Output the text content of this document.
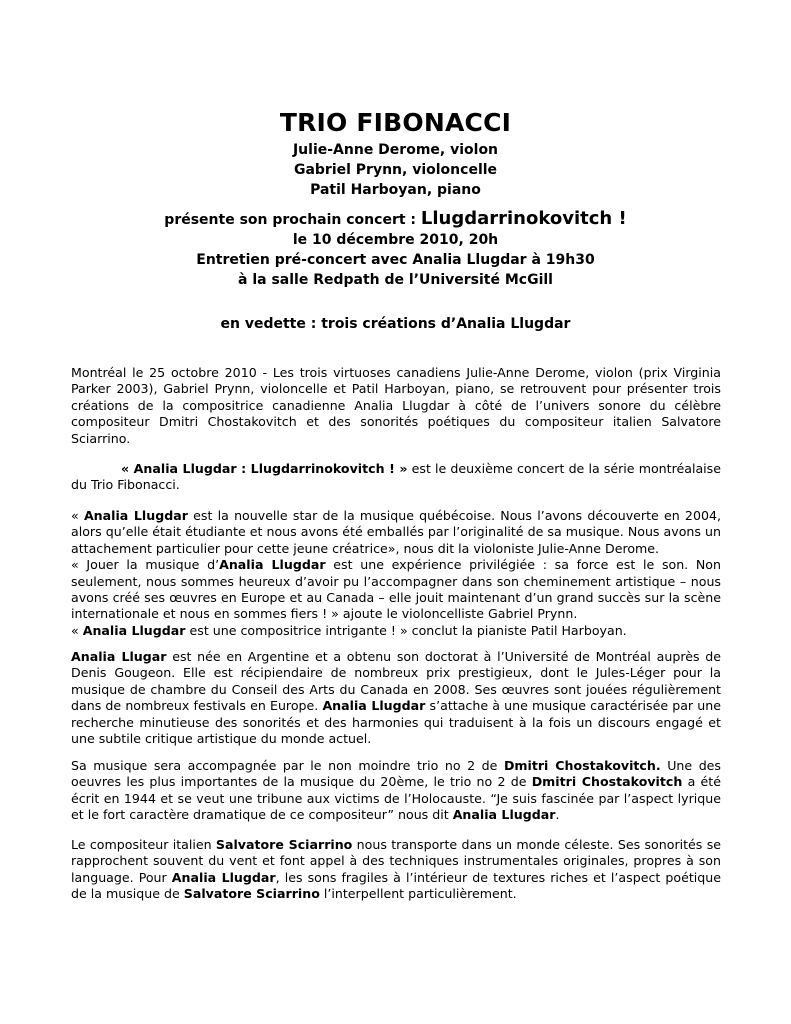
TRIO FIBONACCI
Julie-Anne Derome, violon
Gabriel Prynn, violoncelle
Patil Harboyan, piano
présente son prochain concert : Llugdarrinokovitch !
le 10 décembre 2010, 20h
Entretien pré-concert avec Analia Llugdar à 19h30
à la salle Redpath de l’Université McGill
en vedette : trois créations d’Analia Llugdar

Montréal le 25 octobre 2010 - Les trois virtuoses canadiens Julie-Anne Derome, violon (prix Virginia Parker 2003), Gabriel Prynn, violoncelle et Patil Harboyan, piano, se retrouvent pour présenter trois créations de la compositrice canadienne Analia Llugdar à côté de l’univers sonore du célèbre compositeur Dmitri Chostakovitch et des sonorités poétiques du compositeur italien Salvatore Sciarrino.

« Analia Llugdar : Llugdarrinokovitch ! » est le deuxième concert de la série montréalaise du Trio Fibonacci.

« Analia Llugdar est la nouvelle star de la musique québécoise. Nous l’avons découverte en 2004, alors qu’elle était étudiante et nous avons été emballés par l’originalité de sa musique. Nous avons un attachement particulier pour cette jeune créatrice», nous dit la violoniste Julie-Anne Derome.

« Jouer la musique d’Analia Llugdar est une expérience privilégiée : sa force est le son. Non seulement, nous sommes heureux d’avoir pu l’accompagner dans son cheminement artistique – nous avons créé ses œuvres en Europe et au Canada – elle jouit maintenant d’un grand succès sur la scène internationale et nous en sommes fiers ! » ajoute le violoncelliste Gabriel Prynn.

« Analia Llugdar est une compositrice intrigante ! » conclut la pianiste Patil Harboyan.

Analia Llugar est née en Argentine et a obtenu son doctorat à l’Université de Montréal auprès de Denis Gougeon. Elle est récipiendaire de nombreux prix prestigieux, dont le Jules-Léger pour la musique de chambre du Conseil des Arts du Canada en 2008. Ses œuvres sont jouées régulièrement dans de nombreux festivals en Europe. Analia Llugdar s’attache à une musique caractérisée par une recherche minutieuse des sonorités et des harmonies qui traduisent à la fois un discours engagé et une subtile critique artistique du monde actuel.

Sa musique sera accompagnée par le non moindre trio no 2 de Dmitri Chostakovitch. Une des oeuvres les plus importantes de la musique du 20ème, le trio no 2 de Dmitri Chostakovitch a été écrit en 1944 et se veut une tribune aux victims de l’Holocauste. “Je suis fascinée par l’aspect lyrique et le fort caractère dramatique de ce compositeur” nous dit Analia Llugdar.

Le compositeur italien Salvatore Sciarrino nous transporte dans un monde céleste. Ses sonorités se rapprochent souvent du vent et font appel à des techniques instrumentales originales, propres à son language. Pour Analia Llugdar, les sons fragiles à l’intérieur de textures riches et l’aspect poétique de la musique de Salvatore Sciarrino l’interpellent particulièrement.
